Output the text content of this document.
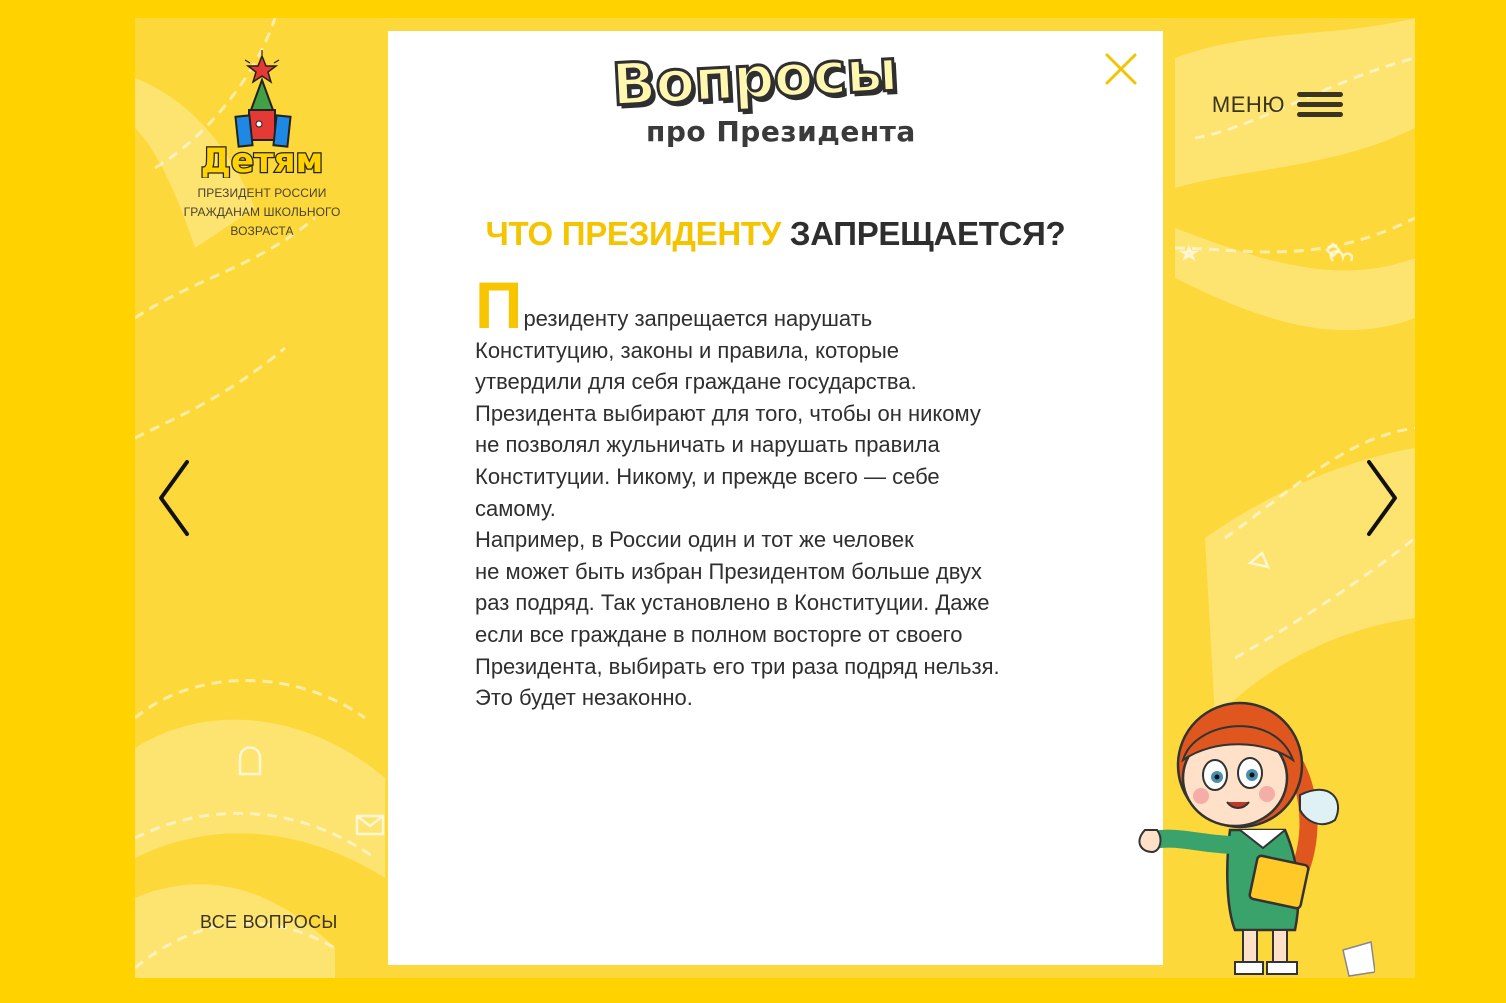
Детям
ПРЕЗИДЕНТ РОССИИ
ГРАЖДАНАМ ШКОЛЬНОГО
ВОЗРАСТА
МЕНЮ
ВСЕ ВОПРОСЫ
Вопросы
про Президента
ЧТО ПРЕЗИДЕНТУ ЗАПРЕЩАЕТСЯ?

Президенту запрещается нарушать
Конституцию, законы и правила, которые
утвердили для себя граждане государства.
Президента выбирают для того, чтобы он никому
не позволял жульничать и нарушать правила
Конституции. Никому, и прежде всего — себе
самому.

Например, в России один и тот же человек
не может быть избран Президентом больше двух
раз подряд. Так установлено в Конституции. Даже
если все граждане в полном восторге от своего
Президента, выбирать его три раза подряд нельзя.
Это будет незаконно.
